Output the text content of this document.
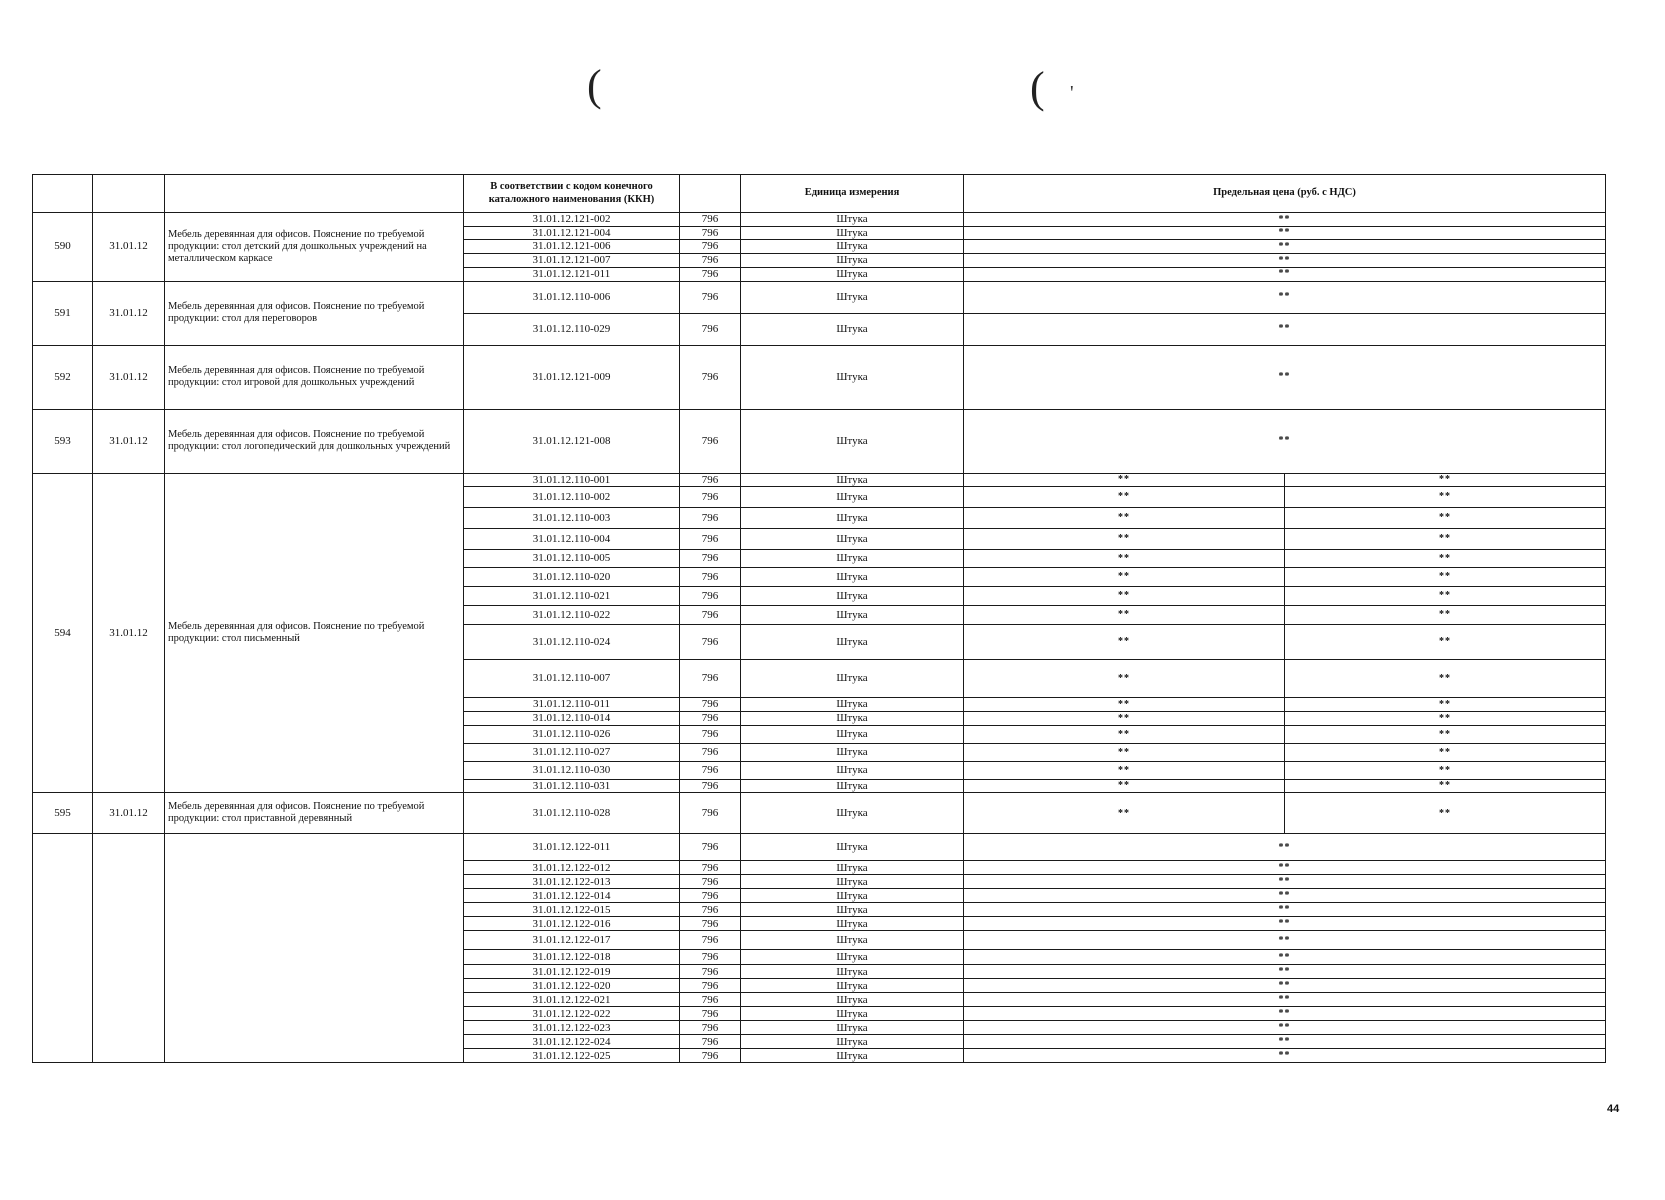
(	( '
			В соответствии с кодом конечного каталожного наименования (ККН)		Единица измерения	Предельная цена (руб. с НДС)	
590	31.01.12	Мебель деревянная для офисов. Пояснение по требуемой продукции: стол детский для дошкольных учреждений на металлическом каркасе	31.01.12.121-002	796	Штука	**	
			31.01.12.121-004	796	Штука	**	
			31.01.12.121-006	796	Штука	**	
			31.01.12.121-007	796	Штука	**	
			31.01.12.121-011	796	Штука	**	
591	31.01.12	Мебель деревянная для офисов. Пояснение по требуемой продукции: стол для переговоров	31.01.12.110-006	796	Штука	**	
			31.01.12.110-029	796	Штука	**	
592	31.01.12	Мебель деревянная для офисов. Пояснение по требуемой продукции: стол игровой для дошкольных учреждений	31.01.12.121-009	796	Штука	**	
593	31.01.12	Мебель деревянная для офисов. Пояснение по требуемой продукции: стол логопедический для дошкольных учреждений	31.01.12.121-008	796	Штука	**	
594	31.01.12	Мебель деревянная для офисов. Пояснение по требуемой продукции: стол письменный	31.01.12.110-001	796	Штука	**	**
			31.01.12.110-002	796	Штука	**	**
			31.01.12.110-003	796	Штука	**	**
			31.01.12.110-004	796	Штука	**	**
			31.01.12.110-005	796	Штука	**	**
			31.01.12.110-020	796	Штука	**	**
			31.01.12.110-021	796	Штука	**	**
			31.01.12.110-022	796	Штука	**	**
			31.01.12.110-024	796	Штука	**	**
			31.01.12.110-007	796	Штука	**	**
			31.01.12.110-011	796	Штука	**	**
			31.01.12.110-014	796	Штука	**	**
			31.01.12.110-026	796	Штука	**	**
			31.01.12.110-027	796	Штука	**	**
			31.01.12.110-030	796	Штука	**	**
			31.01.12.110-031	796	Штука	**	**
595	31.01.12	Мебель деревянная для офисов. Пояснение по требуемой продукции: стол приставной деревянный	31.01.12.110-028	796	Штука	**	**
			31.01.12.122-011	796	Штука	**	
			31.01.12.122-012	796	Штука	**	
			31.01.12.122-013	796	Штука	**	
			31.01.12.122-014	796	Штука	**	
			31.01.12.122-015	796	Штука	**	
			31.01.12.122-016	796	Штука	**	
			31.01.12.122-017	796	Штука	**	
			31.01.12.122-018	796	Штука	**	
			31.01.12.122-019	796	Штука	**	
			31.01.12.122-020	796	Штука	**	
			31.01.12.122-021	796	Штука	**	
			31.01.12.122-022	796	Штука	**	
			31.01.12.122-023	796	Штука	**	
			31.01.12.122-024	796	Штука	**	
			31.01.12.122-025	796	Штука	**	
44
